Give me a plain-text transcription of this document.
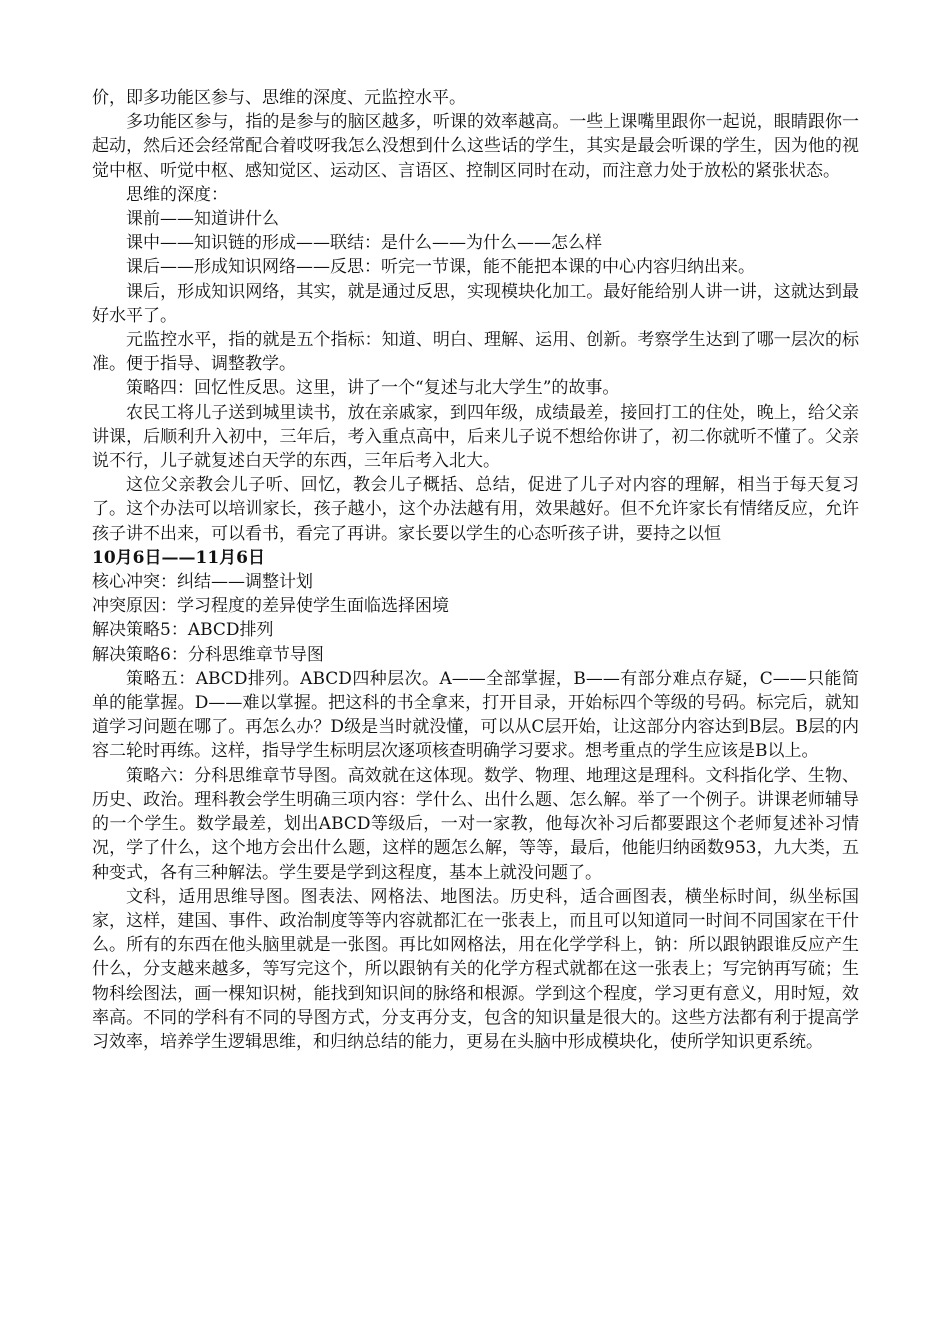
价，即多功能区参与、思维的深度、元监控水平。

多功能区参与，指的是参与的脑区越多，听课的效率越高。一些上课嘴里跟你一起说，眼睛跟你一起动，然后还会经常配合着哎呀我怎么没想到什么这些话的学生，其实是最会听课的学生，因为他的视觉中枢、听觉中枢、感知觉区、运动区、言语区、控制区同时在动，而注意力处于放松的紧张状态。

思维的深度：

课前——知道讲什么

课中——知识链的形成——联结：是什么——为什么——怎么样

课后——形成知识网络——反思：听完一节课，能不能把本课的中心内容归纳出来。

课后，形成知识网络，其实，就是通过反思，实现模块化加工。最好能给别人讲一讲，这就达到最好水平了。

元监控水平，指的就是五个指标：知道、明白、理解、运用、创新。考察学生达到了哪一层次的标准。便于指导、调整教学。

策略四：回忆性反思。这里，讲了一个“复述与北大学生”的故事。

农民工将儿子送到城里读书，放在亲戚家，到四年级，成绩最差，接回打工的住处，晚上，给父亲讲课，后顺利升入初中，三年后，考入重点高中，后来儿子说不想给你讲了，初二你就听不懂了。父亲说不行，儿子就复述白天学的东西，三年后考入北大。

这位父亲教会儿子听、回忆，教会儿子概括、总结，促进了儿子对内容的理解，相当于每天复习了。这个办法可以培训家长，孩子越小，这个办法越有用，效果越好。但不允许家长有情绪反应，允许孩子讲不出来，可以看书，看完了再讲。家长要以学生的心态听孩子讲，要持之以恒

10月6日——11月6日

核心冲突：纠结——调整计划

冲突原因：学习程度的差异使学生面临选择困境

解决策略5：ABCD排列

解决策略6：分科思维章节导图

策略五：ABCD排列。ABCD四种层次。A——全部掌握，B——有部分难点存疑，C——只能简单的能掌握。D——难以掌握。把这科的书全拿来，打开目录，开始标四个等级的号码。标完后，就知道学习问题在哪了。再怎么办？D级是当时就没懂，可以从C层开始，让这部分内容达到B层。B层的内容二轮时再练。这样，指导学生标明层次逐项核查明确学习要求。想考重点的学生应该是B以上。

策略六：分科思维章节导图。高效就在这体现。数学、物理、地理这是理科。文科指化学、生物、历史、政治。理科教会学生明确三项内容：学什么、出什么题、怎么解。举了一个例子。讲课老师辅导的一个学生。数学最差，划出ABCD等级后，一对一家教，他每次补习后都要跟这个老师复述补习情况，学了什么，这个地方会出什么题，这样的题怎么解，等等，最后，他能归纳函数953，九大类，五种变式，各有三种解法。学生要是学到这程度，基本上就没问题了。

文科，适用思维导图。图表法、网格法、地图法。历史科，适合画图表，横坐标时间，纵坐标国家，这样，建国、事件、政治制度等等内容就都汇在一张表上，而且可以知道同一时间不同国家在干什么。所有的东西在他头脑里就是一张图。再比如网格法，用在化学学科上，钠：所以跟钠跟谁反应产生什么，分支越来越多，等写完这个，所以跟钠有关的化学方程式就都在这一张表上；写完钠再写硫；生物科绘图法，画一棵知识树，能找到知识间的脉络和根源。学到这个程度，学习更有意义，用时短，效率高。不同的学科有不同的导图方式，分支再分支，包含的知识量是很大的。这些方法都有利于提高学习效率，培养学生逻辑思维，和归纳总结的能力，更易在头脑中形成模块化，使所学知识更系统。
